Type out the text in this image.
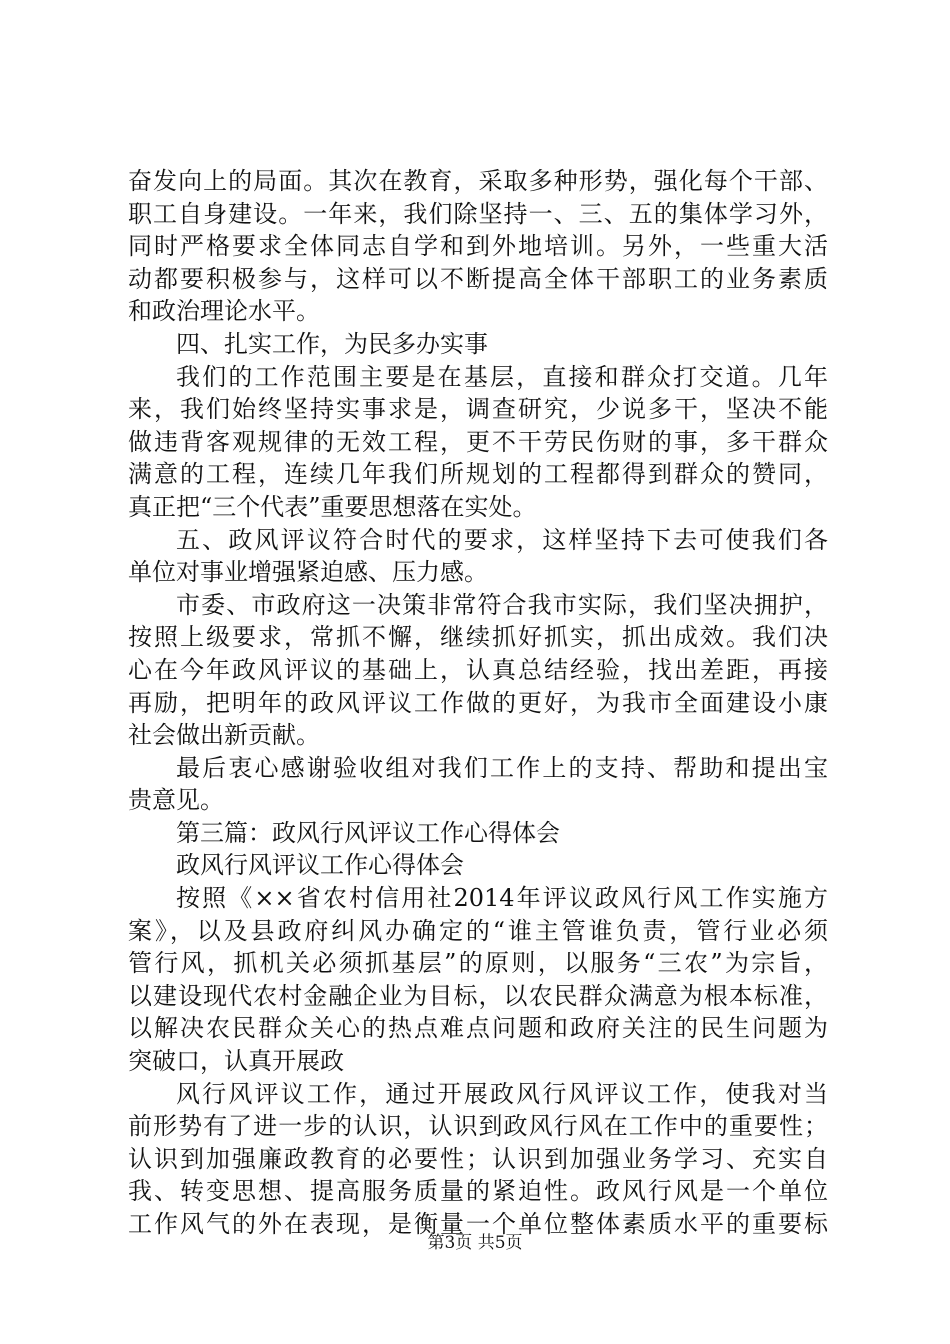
奋发向上的局面。其次在教育，采取多种形势，强化每个干部、
职工自身建设。一年来，我们除坚持一、三、五的集体学习外，
同时严格要求全体同志自学和到外地培训。另外，一些重大活
动都要积极参与，这样可以不断提高全体干部职工的业务素质
和政治理论水平。
四、扎实工作，为民多办实事
我们的工作范围主要是在基层，直接和群众打交道。几年
来，我们始终坚持实事求是，调查研究，少说多干，坚决不能
做违背客观规律的无效工程，更不干劳民伤财的事，多干群众
满意的工程，连续几年我们所规划的工程都得到群众的赞同，
真正把“三个代表”重要思想落在实处。
五、政风评议符合时代的要求，这样坚持下去可使我们各
单位对事业增强紧迫感、压力感。
市委、市政府这一决策非常符合我市实际，我们坚决拥护，
按照上级要求，常抓不懈，继续抓好抓实，抓出成效。我们决
心在今年政风评议的基础上，认真总结经验，找出差距，再接
再励，把明年的政风评议工作做的更好，为我市全面建设小康
社会做出新贡献。
最后衷心感谢验收组对我们工作上的支持、帮助和提出宝
贵意见。
第三篇：政风行风评议工作心得体会
政风行风评议工作心得体会
按照《××省农村信用社2014年评议政风行风工作实施方
案》，以及县政府纠风办确定的“谁主管谁负责，管行业必须
管行风，抓机关必须抓基层”的原则，以服务“三农”为宗旨，
以建设现代农村金融企业为目标，以农民群众满意为根本标准，
以解决农民群众关心的热点难点问题和政府关注的民生问题为
突破口，认真开展政
风行风评议工作，通过开展政风行风评议工作，使我对当
前形势有了进一步的认识，认识到政风行风在工作中的重要性；
认识到加强廉政教育的必要性；认识到加强业务学习、充实自
我、转变思想、提高服务质量的紧迫性。政风行风是一个单位
工作风气的外在表现，是衡量一个单位整体素质水平的重要标
第3页 共5页
